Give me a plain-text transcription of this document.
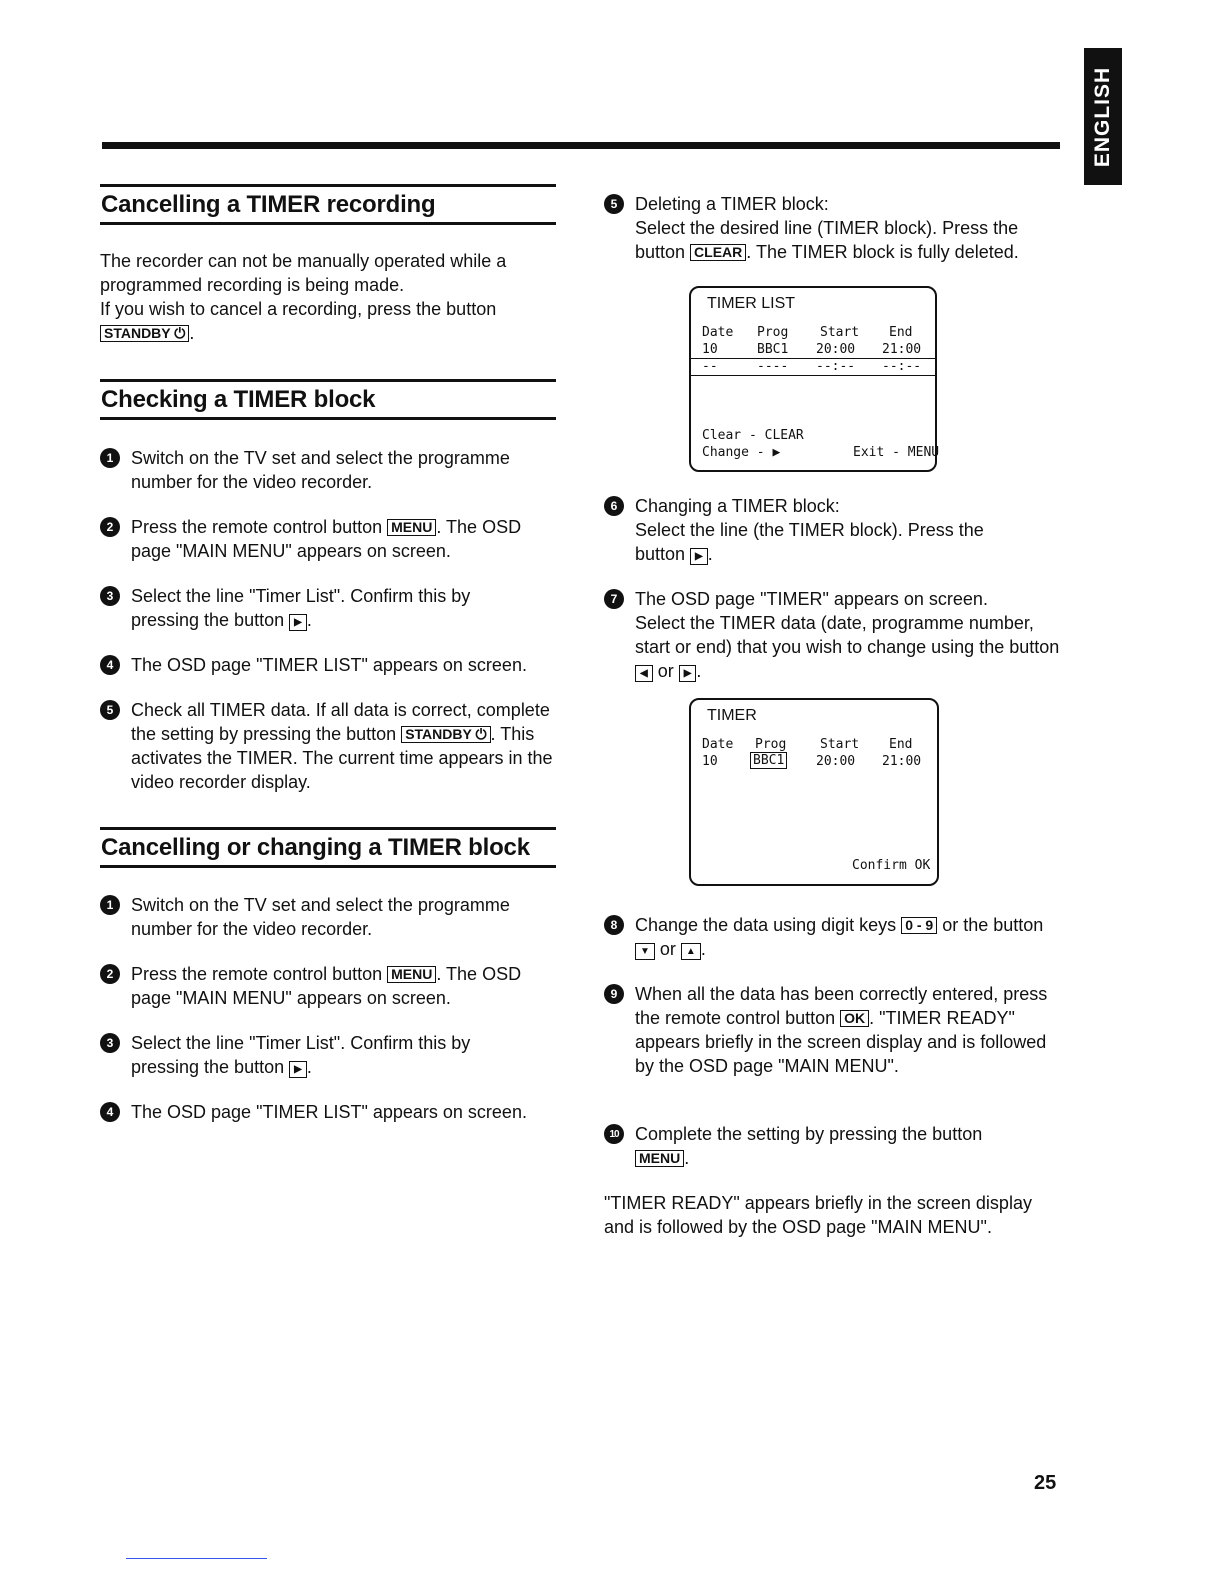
ENGLISH
Cancelling a TIMER recording

The recorder can not be manually operated while a programmed recording is being made.

If you wish to cancel a recording, press the button
STANDBY ⏻ .

Checking a TIMER block
1 Switch on the TV set and select the programme number for the video recorder.
2 Press the remote control button MENU . The OSD page "MAIN MENU" appears on screen.
3 Select the line "Timer List". Confirm this by pressing the button ▶ .
4 The OSD page "TIMER LIST" appears on screen.
5 Check all TIMER data. If all data is correct, complete the setting by pressing the button STANDBY ⏻ . This activates the TIMER. The current time appears in the video recorder display.
Cancelling or changing a TIMER block
1 Switch on the TV set and select the programme number for the video recorder.
2 Press the remote control button MENU . The OSD page "MAIN MENU" appears on screen.
3 Select the line "Timer List". Confirm this by pressing the button ▶ .
4 The OSD page "TIMER LIST" appears on screen.
5 Deleting a TIMER block:
Select the desired line (TIMER block). Press the button CLEAR . The TIMER block is fully deleted.
TIMER LIST
Date Prog Start End
10	BBC1 20:00 21:00
--	---- --:-- --:--
Clear - CLEAR
Change - ▶	Exit - MENU
6 Changing a TIMER block:
Select the line (the TIMER block). Press the button ▶ .
7 The OSD page "TIMER" appears on screen.
Select the TIMER data (date, programme number, start or end) that you wish to change using the button ◀ or ▶ .
TIMER
Date Prog	Start End
10	BBC1 20:00 21:00
Confirm OK
8 Change the data using digit keys 0 - 9 or the button ▼ or ▲ .
9 When all the data has been correctly entered, press the remote control button OK . "TIMER READY" appears briefly in the screen display and is followed by the OSD page "MAIN MENU".
10 Complete the setting by pressing the button
MENU .

"TIMER READY" appears briefly in the screen display and is followed by the OSD page "MAIN MENU".

25
